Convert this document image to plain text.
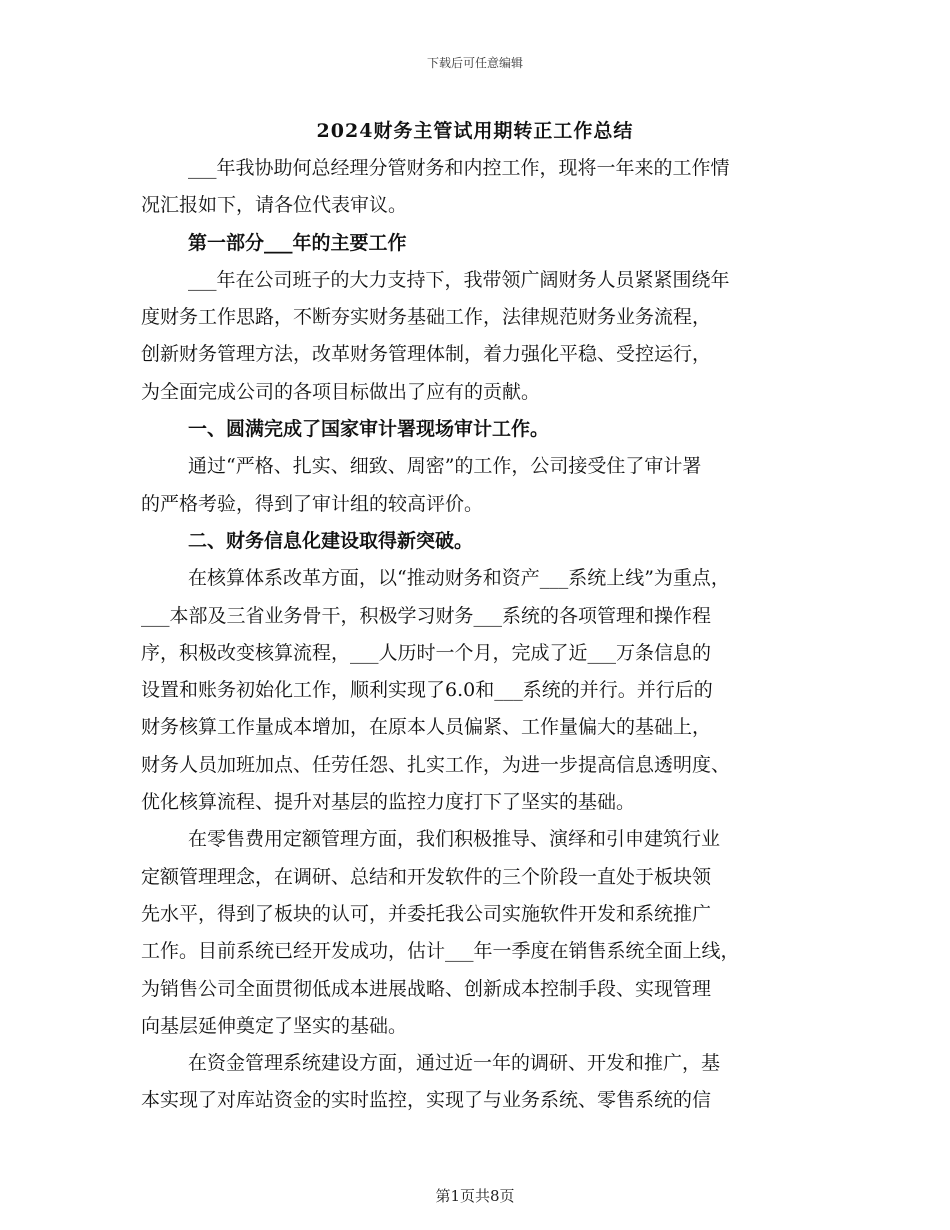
下载后可任意编辑
2024财务主管试用期转正工作总结
___年我协助何总经理分管财务和内控工作，现将一年来的工作情
况汇报如下，请各位代表审议。
第一部分___年的主要工作
___年在公司班子的大力支持下，我带领广阔财务人员紧紧围绕年
度财务工作思路，不断夯实财务基础工作，法律规范财务业务流程，
创新财务管理方法，改革财务管理体制，着力强化平稳、受控运行，
为全面完成公司的各项目标做出了应有的贡献。
一、圆满完成了国家审计署现场审计工作。
通过“严格、扎实、细致、周密”的工作，公司接受住了审计署
的严格考验，得到了审计组的较高评价。
二、财务信息化建设取得新突破。
在核算体系改革方面，以“推动财务和资产___系统上线”为重点，
___本部及三省业务骨干，积极学习财务___系统的各项管理和操作程
序，积极改变核算流程，___人历时一个月，完成了近___万条信息的
设置和账务初始化工作，顺利实现了6.0和___系统的并行。并行后的
财务核算工作量成本增加，在原本人员偏紧、工作量偏大的基础上，
财务人员加班加点、任劳任怨、扎实工作，为进一步提高信息透明度、
优化核算流程、提升对基层的监控力度打下了坚实的基础。
在零售费用定额管理方面，我们积极推导、演绎和引申建筑行业
定额管理理念，在调研、总结和开发软件的三个阶段一直处于板块领
先水平，得到了板块的认可，并委托我公司实施软件开发和系统推广
工作。目前系统已经开发成功，估计___年一季度在销售系统全面上线，
为销售公司全面贯彻低成本进展战略、创新成本控制手段、实现管理
向基层延伸奠定了坚实的基础。
在资金管理系统建设方面，通过近一年的调研、开发和推广，基
本实现了对库站资金的实时监控，实现了与业务系统、零售系统的信
第1页共8页
